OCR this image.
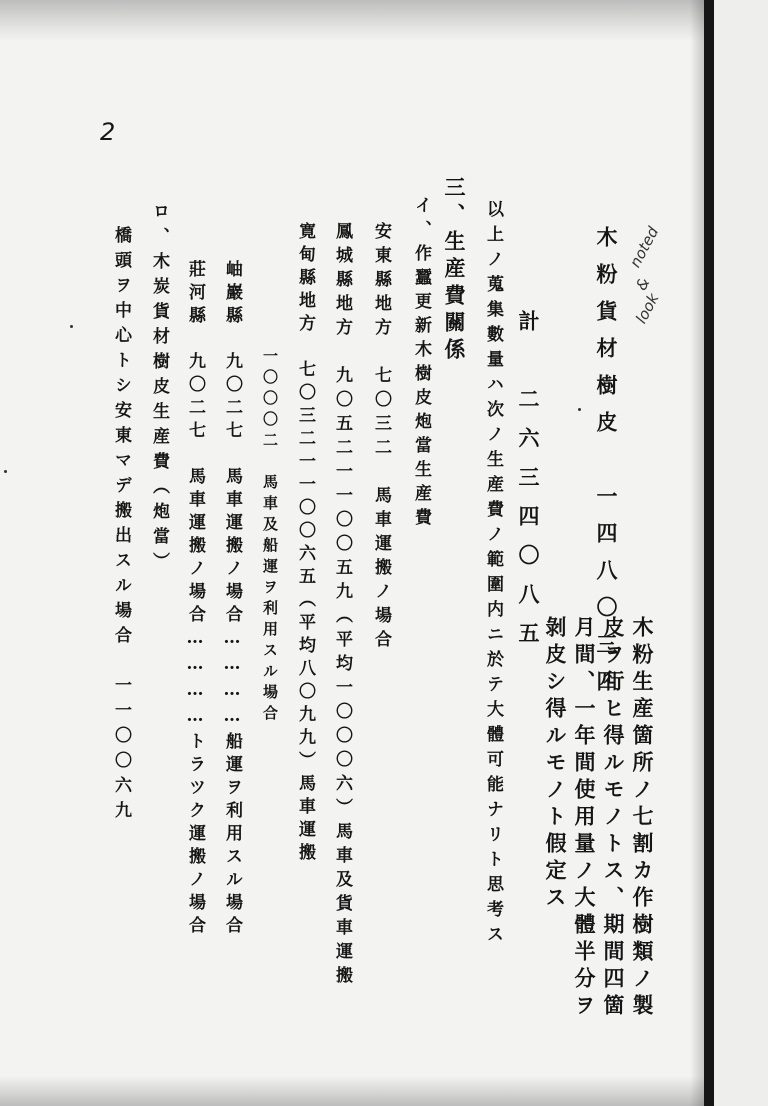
2
noted
&
look
木粉生産箇所ノ七割カ作樹類ノ製
皮ヲ行ヒ得ルモノトス、期間四箇
月間、一年間使用量ノ大體半分ヲ
剝皮シ得ルモノト假定ス
木粉貨材樹皮　一四八〇三四
計　二六三四〇八五
以上ノ蒐集數量ハ次ノ生産費ノ範圍内ニ於テ大體可能ナリト思考ス
三、生産費關係
イ、作蠶更新木樹皮炮當生産費
安東縣地方　七〇三二　馬車運搬ノ場合
鳳城縣地方　九〇五二一一〇〇五九（平均一〇〇〇六）馬車及貨車運搬
寛甸縣地方　七〇三二一一〇〇六五（平均八〇九九）馬車運搬
一〇〇〇二　馬車及船運ヲ利用スル場合
岫巖縣　九〇二七　馬車運搬ノ場合…………船運ヲ利用スル場合
莊河縣　九〇二七　馬車運搬ノ場合…………トラツク運搬ノ場合
ロ、木炭貨材樹皮生産費（炮當）
橋頭ヲ中心トシ安東マデ搬出スル場合　一一〇〇六九
